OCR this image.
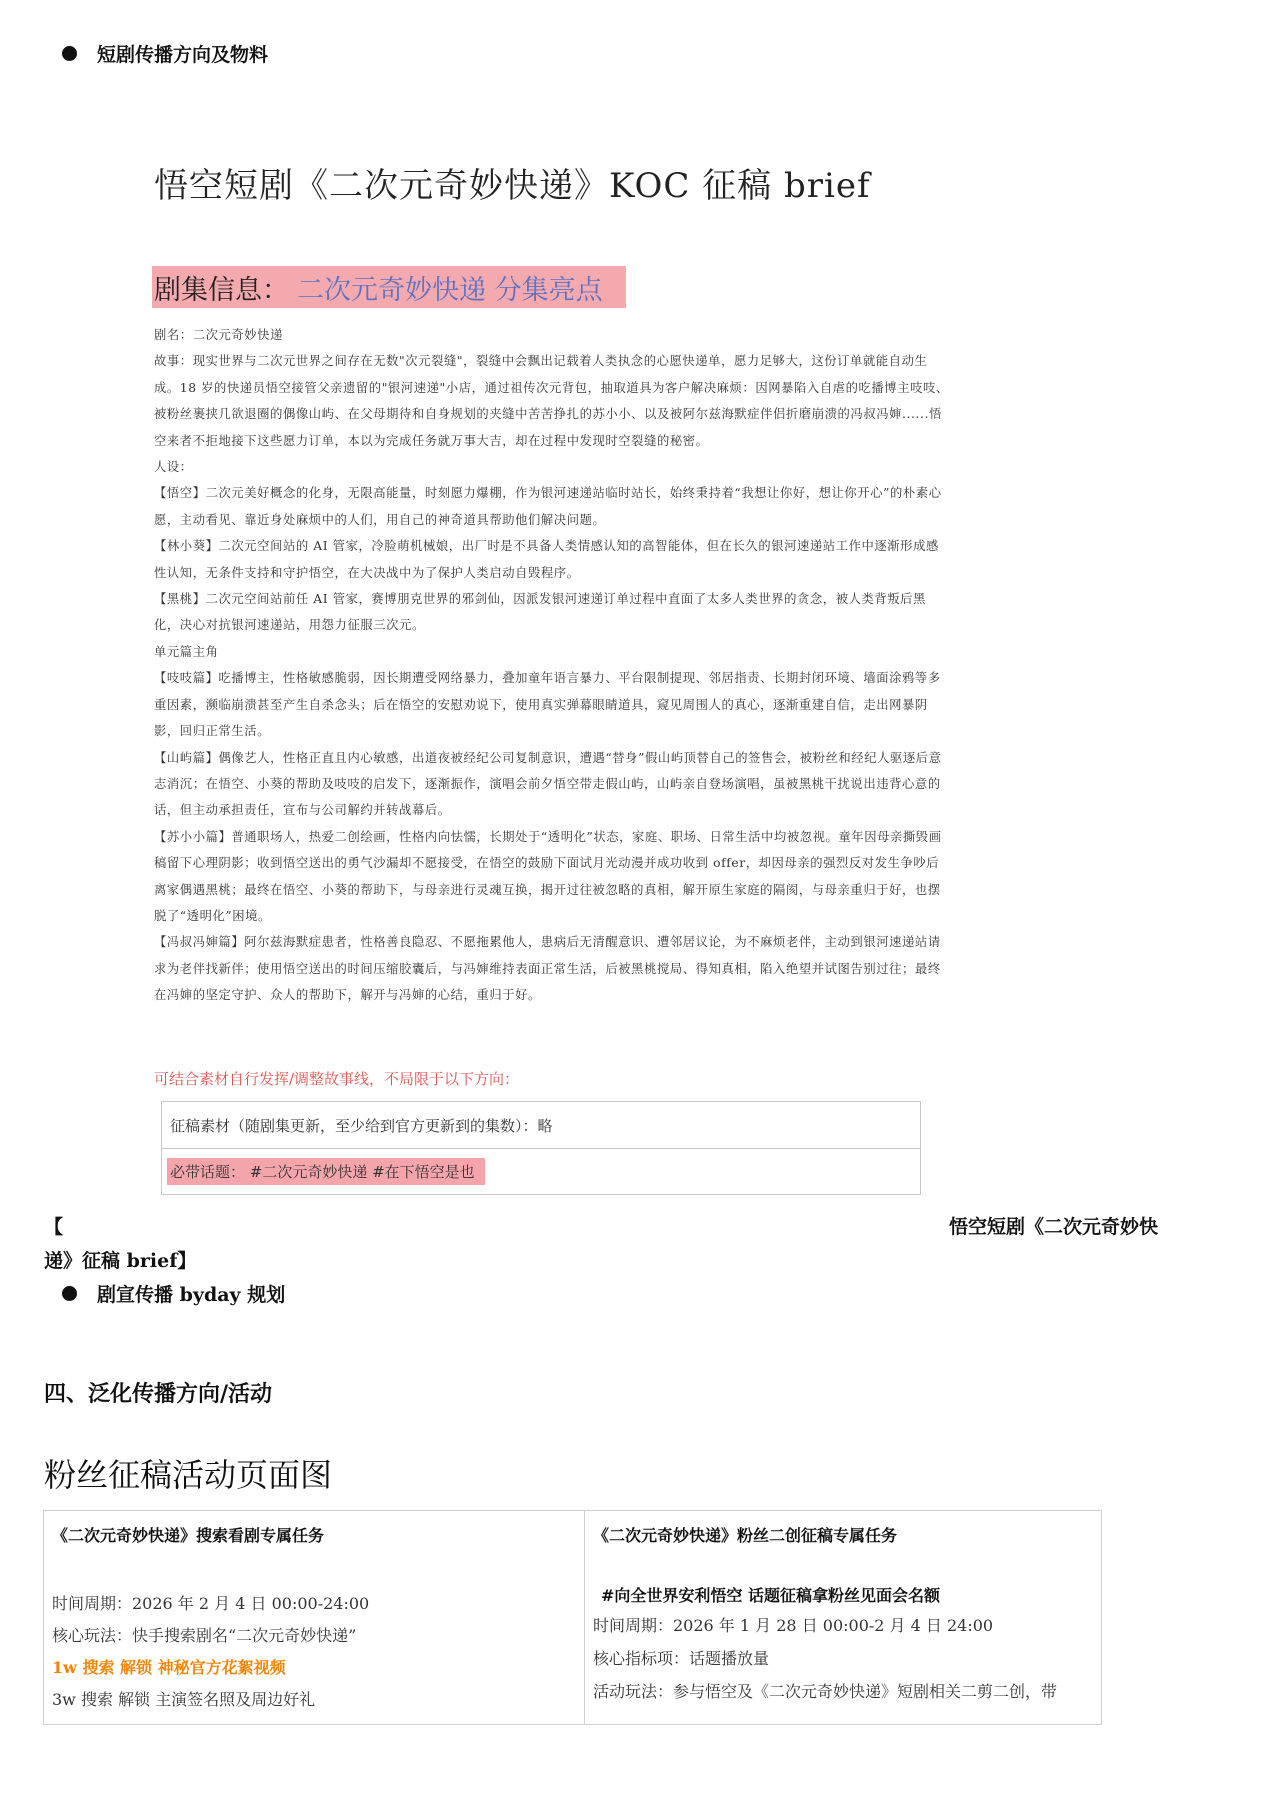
短剧传播方向及物料
悟空短剧《二次元奇妙快递》KOC 征稿 brief
剧集信息： 二次元奇妙快递 分集亮点

剧名：二次元奇妙快递

故事：现实世界与二次元世界之间存在无数"次元裂缝"，裂缝中会飘出记载着人类执念的心愿快递单，愿力足够大，这份订单就能自动生成。18 岁的快递员悟空接管父亲遗留的"银河速递"小店，通过祖传次元背包，抽取道具为客户解决麻烦：因网暴陷入自虐的吃播博主吱吱、被粉丝裹挟几欲退圈的偶像山屿、在父母期待和自身规划的夹缝中苦苦挣扎的苏小小、以及被阿尔兹海默症伴侣折磨崩溃的冯叔冯婶......悟空来者不拒地接下这些愿力订单，本以为完成任务就万事大吉，却在过程中发现时空裂缝的秘密。

人设：

【悟空】二次元美好概念的化身，无限高能量，时刻愿力爆棚，作为银河速递站临时站长，始终秉持着“我想让你好，想让你开心”的朴素心愿，主动看见、靠近身处麻烦中的人们，用自己的神奇道具帮助他们解决问题。

【林小葵】二次元空间站的 AI 管家，冷脸萌机械娘，出厂时是不具备人类情感认知的高智能体，但在长久的银河速递站工作中逐渐形成感性认知，无条件支持和守护悟空，在大决战中为了保护人类启动自毁程序。

【黑桃】二次元空间站前任 AI 管家，赛博朋克世界的邪剑仙，因派发银河速递订单过程中直面了太多人类世界的贪念，被人类背叛后黑化，决心对抗银河速递站，用怨力征服三次元。

单元篇主角

【吱吱篇】吃播博主，性格敏感脆弱，因长期遭受网络暴力，叠加童年语言暴力、平台限制提现、邻居指责、长期封闭环境、墙面涂鸦等多重因素，濒临崩溃甚至产生自杀念头；后在悟空的安慰劝说下，使用真实弹幕眼睛道具，窥见周围人的真心，逐渐重建自信，走出网暴阴影，回归正常生活。

【山屿篇】偶像艺人，性格正直且内心敏感，出道夜被经纪公司复制意识，遭遇“替身”假山屿顶替自己的签售会，被粉丝和经纪人驱逐后意志消沉；在悟空、小葵的帮助及吱吱的启发下，逐渐振作，演唱会前夕悟空带走假山屿，山屿亲自登场演唱，虽被黑桃干扰说出违背心意的话，但主动承担责任，宣布与公司解约并转战幕后。

【苏小小篇】普通职场人，热爱二创绘画，性格内向怯懦，长期处于“透明化”状态，家庭、职场、日常生活中均被忽视。童年因母亲撕毁画稿留下心理阴影；收到悟空送出的勇气沙漏却不愿接受，在悟空的鼓励下面试月光动漫并成功收到 offer，却因母亲的强烈反对发生争吵后离家偶遇黑桃；最终在悟空、小葵的帮助下，与母亲进行灵魂互换，揭开过往被忽略的真相，解开原生家庭的隔阂，与母亲重归于好，也摆脱了“透明化”困境。

【冯叔冯婶篇】阿尔兹海默症患者，性格善良隐忍、不愿拖累他人，患病后无清醒意识、遭邻居议论，为不麻烦老伴，主动到银河速递站请求为老伴找新伴；使用悟空送出的时间压缩胶囊后，与冯婶维持表面正常生活，后被黑桃搅局、得知真相，陷入绝望并试图告别过往；最终在冯婶的坚定守护、众人的帮助下，解开与冯婶的心结，重归于好。

可结合素材自行发挥/调整故事线，不局限于以下方向：
征稿素材（随剧集更新，至少给到官方更新到的集数）：略
必带话题： #二次元奇妙快递 #在下悟空是也
【	悟空短剧《二次元奇妙快
递》征稿 brief】
剧宣传播 byday 规划
四、泛化传播方向/活动
粉丝征稿活动页面图
《二次元奇妙快递》搜索看剧专属任务
时间周期：2026 年 2 月 4 日 00:00-24:00
核心玩法：快手搜索剧名“二次元奇妙快递”
1w 搜索 解锁 神秘官方花絮视频
3w 搜索 解锁 主演签名照及周边好礼
《二次元奇妙快递》粉丝二创征稿专属任务
#向全世界安利悟空 话题征稿拿粉丝见面会名额
时间周期：2026 年 1 月 28 日 00:00-2 月 4 日 24:00
核心指标项：话题播放量
活动玩法：参与悟空及《二次元奇妙快递》短剧相关二剪二创，带
